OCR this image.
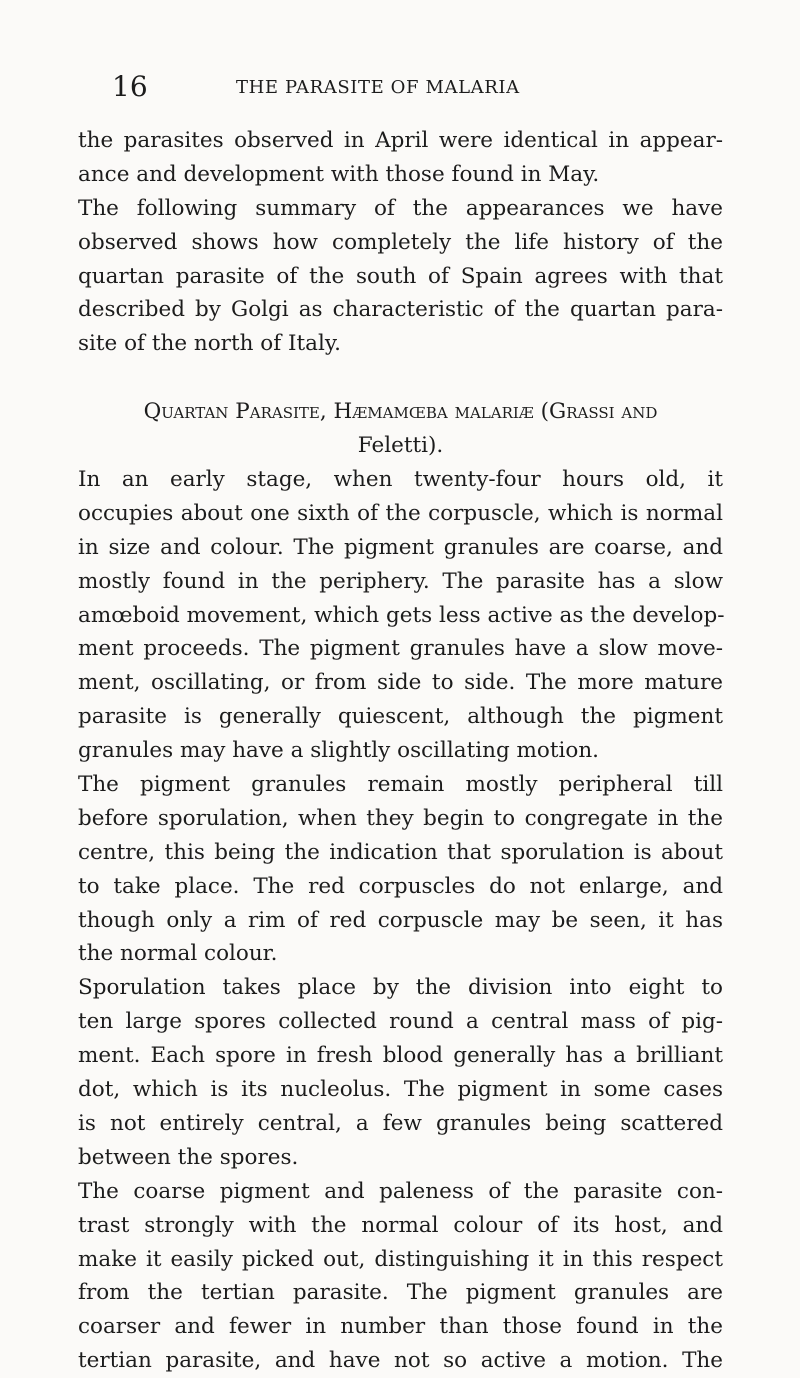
16	THE PARASITE OF MALARIA
the parasites observed in April were identical in appear-
ance and development with those found in May.
The following summary of the appearances we have
observed shows how completely the life history of the
quartan parasite of the south of Spain agrees with that
described by Golgi as characteristic of the quartan para-
site of the north of Italy.
Quartan Parasite, Hæmamœba malariæ (Grassi and
Feletti).
In an early stage, when twenty-four hours old, it
occupies about one sixth of the corpuscle, which is normal
in size and colour. The pigment granules are coarse, and
mostly found in the periphery. The parasite has a slow
amœboid movement, which gets less active as the develop-
ment proceeds. The pigment granules have a slow move-
ment, oscillating, or from side to side. The more mature
parasite is generally quiescent, although the pigment
granules may have a slightly oscillating motion.
The pigment granules remain mostly peripheral till
before sporulation, when they begin to congregate in the
centre, this being the indication that sporulation is about
to take place. The red corpuscles do not enlarge, and
though only a rim of red corpuscle may be seen, it has
the normal colour.
Sporulation takes place by the division into eight to
ten large spores collected round a central mass of pig-
ment. Each spore in fresh blood generally has a brilliant
dot, which is its nucleolus. The pigment in some cases
is not entirely central, a few granules being scattered
between the spores.
The coarse pigment and paleness of the parasite con-
trast strongly with the normal colour of its host, and
make it easily picked out, distinguishing it in this respect
from the tertian parasite. The pigment granules are
coarser and fewer in number than those found in the
tertian parasite, and have not so active a motion. The
